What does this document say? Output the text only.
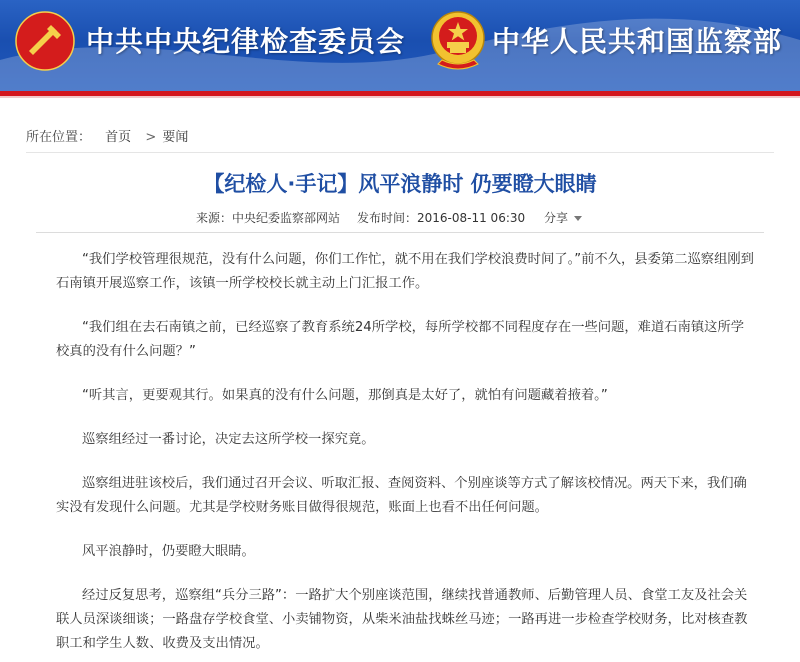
中共中央纪律检查委员会	中华人民共和国监察部
所在位置： 首页 > 要闻
【纪检人·手记】风平浪静时 仍要瞪大眼睛
来源：中央纪委监察部网站 发布时间：2016-08-11 06:30 分享

“我们学校管理很规范，没有什么问题，你们工作忙，就不用在我们学校浪费时间了。”前不久，县委第二巡察组刚到石南镇开展巡察工作，该镇一所学校校长就主动上门汇报工作。

“我们组在去石南镇之前，已经巡察了教育系统24所学校，每所学校都不同程度存在一些问题，难道石南镇这所学校真的没有什么问题？”

“听其言，更要观其行。如果真的没有什么问题，那倒真是太好了，就怕有问题藏着掖着。”

巡察组经过一番讨论，决定去这所学校一探究竟。

巡察组进驻该校后，我们通过召开会议、听取汇报、查阅资料、个别座谈等方式了解该校情况。两天下来，我们确实没有发现什么问题。尤其是学校财务账目做得很规范，账面上也看不出任何问题。

风平浪静时，仍要瞪大眼睛。

经过反复思考，巡察组“兵分三路”：一路扩大个别座谈范围，继续找普通教师、后勤管理人员、食堂工友及社会关联人员深谈细谈；一路盘存学校食堂、小卖铺物资，从柴米油盐找蛛丝马迹；一路再进一步检查学校财务，比对核查教职工和学生人数、收费及支出情况。
